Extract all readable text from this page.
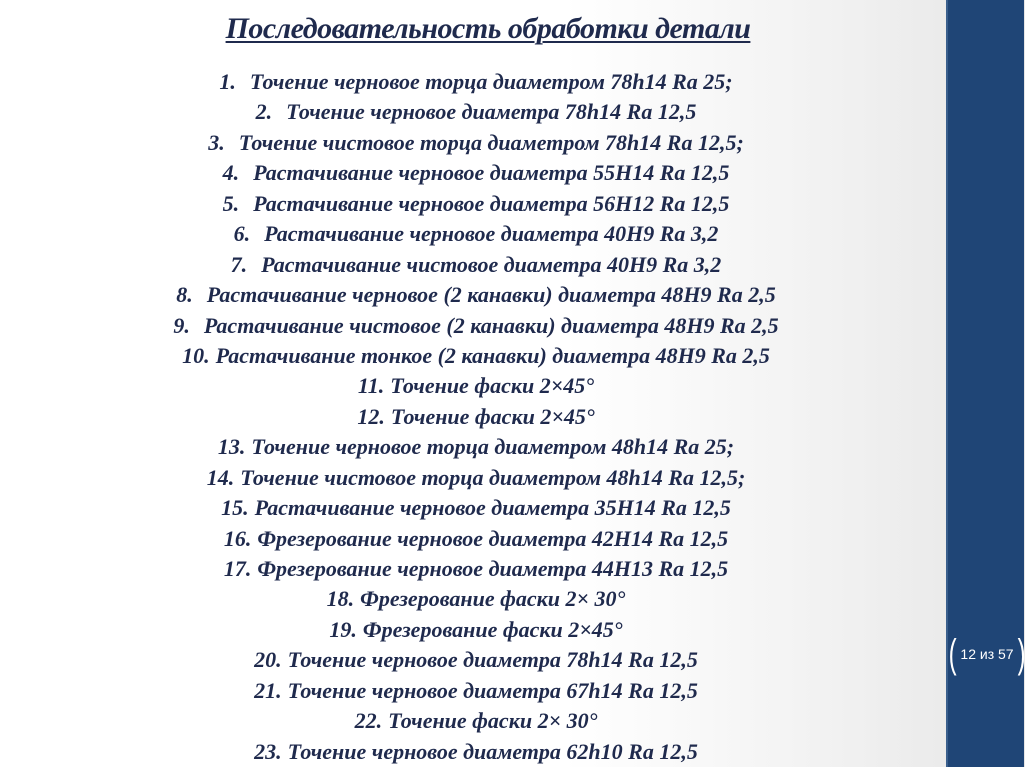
Последовательность обработки детали
1. Точение черновое торца диаметром 78h14 Ra 25;
2. Точение черновое диаметра 78h14 Ra 12,5
3. Точение чистовое торца диаметром 78h14 Ra 12,5;
4. Растачивание черновое диаметра 55H14 Ra 12,5
5. Растачивание черновое диаметра 56H12 Ra 12,5
6. Растачивание черновое диаметра 40H9 Ra 3,2
7. Растачивание чистовое диаметра 40H9 Ra 3,2
8. Растачивание черновое (2 канавки) диаметра 48H9 Ra 2,5
9. Растачивание чистовое (2 канавки) диаметра 48H9 Ra 2,5
10. Растачивание тонкое (2 канавки) диаметра 48H9 Ra 2,5
11. Точение фаски 2×45°
12. Точение фаски 2×45°
13. Точение черновое торца диаметром 48h14 Ra 25;
14. Точение чистовое торца диаметром 48h14 Ra 12,5;
15. Растачивание черновое диаметра 35H14 Ra 12,5
16. Фрезерование черновое диаметра 42H14 Ra 12,5
17. Фрезерование черновое диаметра 44H13 Ra 12,5
18. Фрезерование фаски 2× 30°
19. Фрезерование фаски 2×45°
20. Точение черновое диаметра 78h14 Ra 12,5
21. Точение черновое диаметра 67h14 Ra 12,5
22. Точение фаски 2× 30°
23. Точение черновое диаметра 62h10 Ra 12,5
( 12 из 57 )
